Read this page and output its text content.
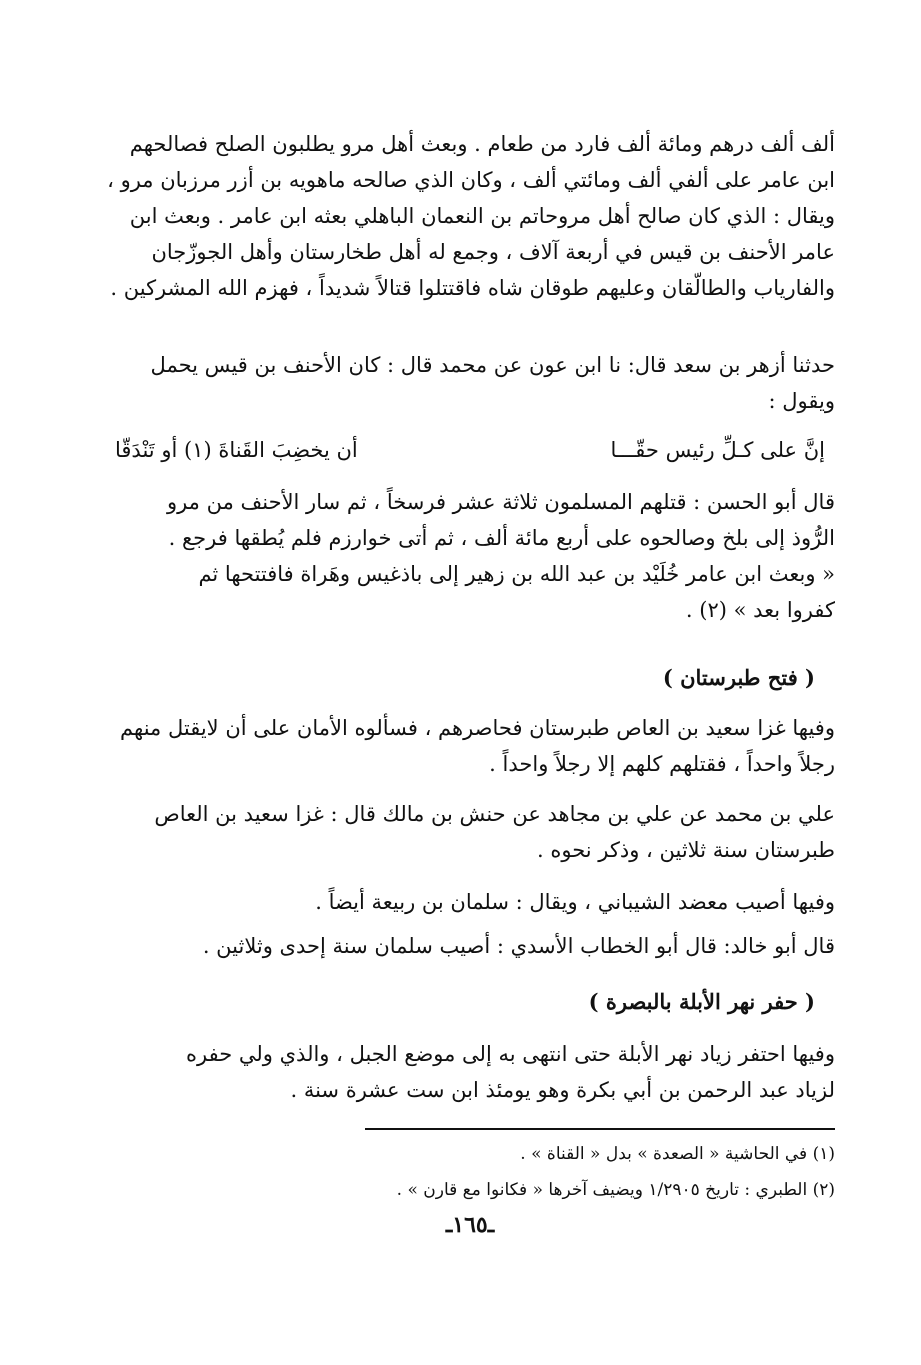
ألف ألف درهم ومائة ألف فارد من طعام . وبعث أهل مرو يطلبون الصلح فصالحهم
ابن عامر على ألفي ألف ومائتي ألف ، وكان الذي صالحه ماهويه بن أزر مرزبان مرو ،
ويقال : الذي كان صالح أهل مروحاتم بن النعمان الباهلي بعثه ابن عامر . وبعث ابن
عامر الأحنف بن قيس في أربعة آلاف ، وجمع له أهل طخارستان وأهل الجوزّجان
والفارياب والطالّقان وعليهم طوقان شاه فاقتتلوا قتالاً شديداً ، فهزم الله المشركين .
حدثنا أزهر بن سعد قال: نا ابن عون عن محمد قال : كان الأحنف بن قيس يحمل
ويقول :
إنَّ على كـلِّ رئيس حقّـــا
أن يخضِبَ القَناةَ (١) أو تَنْدَقّا
قال أبو الحسن : قتلهم المسلمون ثلاثة عشر فرسخاً ، ثم سار الأحنف من مرو
الرُّوذ إلى بلخ وصالحوه على أربع مائة ألف ، ثم أتى خوارزم فلم يُطقها فرجع .
« وبعث ابن عامر خُلَيْد بن عبد الله بن زهير إلى باذغيس وهَراة فافتتحها ثم
كفروا بعد » (٢) .
( فتح طبرستان )
وفيها غزا سعيد بن العاص طبرستان فحاصرهم ، فسألوه الأمان على أن لايقتل منهم
رجلاً واحداً ، فقتلهم كلهم إلا رجلاً واحداً .
علي بن محمد عن علي بن مجاهد عن حنش بن مالك قال : غزا سعيد بن العاص
طبرستان سنة ثلاثين ، وذكر نحوه .
وفيها أصيب معضد الشيباني ، ويقال : سلمان بن ربيعة أيضاً .
قال أبو خالد: قال أبو الخطاب الأسدي : أصيب سلمان سنة إحدى وثلاثين .
( حفر نهر الأبلة بالبصرة )
وفيها احتفر زياد نهر الأبلة حتى انتهى به إلى موضع الجبل ، والذي ولي حفره
لزياد عبد الرحمن بن أبي بكرة وهو يومئذ ابن ست عشرة سنة .
(١) في الحاشية « الصعدة » بدل « القناة » .
(٢) الطبري : تاريخ ١/٢٩٠٥ ويضيف آخرها « فكانوا مع قارن » .
ـ١٦٥ـ
